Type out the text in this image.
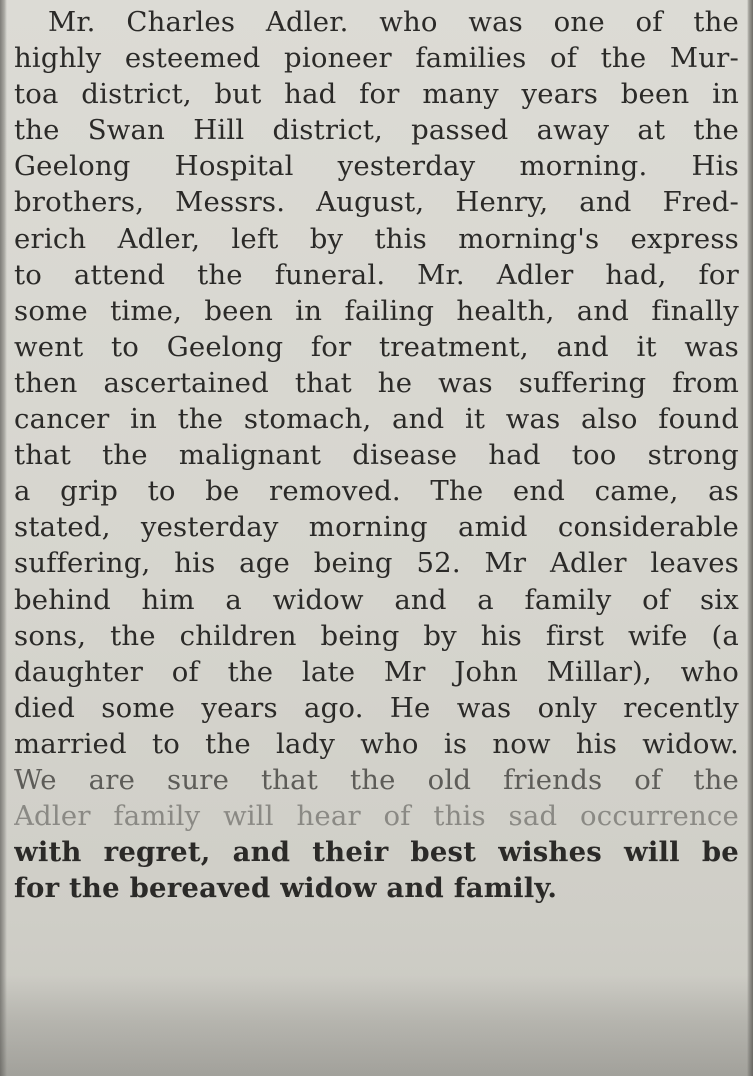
Mr. Charles Adler. who was one of the
highly esteemed pioneer families of the Mur-
toa district, but had for many years been in
the Swan Hill district, passed away at the
Geelong Hospital yesterday morning. His
brothers, Messrs. August, Henry, and Fred-
erich Adler, left by this morning's express
to attend the funeral. Mr. Adler had, for
some time, been in failing health, and finally
went to Geelong for treatment, and it was
then ascertained that he was suffering from
cancer in the stomach, and it was also found
that the malignant disease had too strong
a grip to be removed. The end came, as
stated, yesterday morning amid considerable
suffering, his age being 52. Mr Adler leaves
behind him a widow and a family of six
sons, the children being by his first wife (a
daughter of the late Mr John Millar), who
died some years ago. He was only recently
married to the lady who is now his widow.
We are sure that the old friends of the
Adler family will hear of this sad occurrence
with regret, and their best wishes will be
for the bereaved widow and family.
